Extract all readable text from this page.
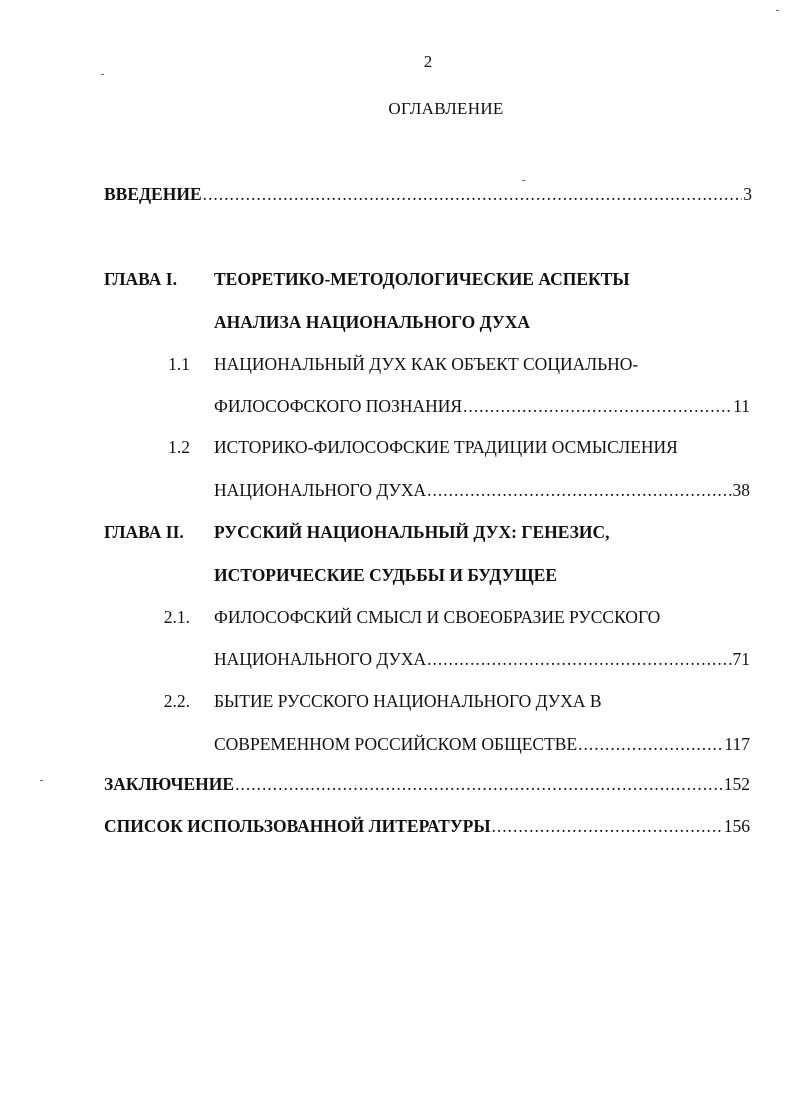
2
ОГЛАВЛЕНИЕ
ВВЕДЕНИЕ .....	3
ГЛАВА I. ТЕОРЕТИКО-МЕТОДОЛОГИЧЕСКИЕ АСПЕКТЫ
АНАЛИЗА НАЦИОНАЛЬНОГО ДУХА
1.1 НАЦИОНАЛЬНЫЙ ДУХ КАК ОБЪЕКТ СОЦИАЛЬНО-
ФИЛОСОФСКОГО ПОЗНАНИЯ .....	11
1.2 ИСТОРИКО-ФИЛОСОФСКИЕ ТРАДИЦИИ ОСМЫСЛЕНИЯ
НАЦИОНАЛЬНОГО ДУХА .....	38
ГЛАВА II. РУССКИЙ НАЦИОНАЛЬНЫЙ ДУХ: ГЕНЕЗИС,
ИСТОРИЧЕСКИЕ СУДЬБЫ И БУДУЩЕЕ
2.1. ФИЛОСОФСКИЙ СМЫСЛ И СВОЕОБРАЗИЕ РУССКОГО
НАЦИОНАЛЬНОГО ДУХА .....	71
2.2. БЫТИЕ РУССКОГО НАЦИОНАЛЬНОГО ДУХА В
СОВРЕМЕННОМ РОССИЙСКОМ ОБЩЕСТВЕ .....	117
ЗАКЛЮЧЕНИЕ .....	152
СПИСОК ИСПОЛЬЗОВАННОЙ ЛИТЕРАТУРЫ .....	156
